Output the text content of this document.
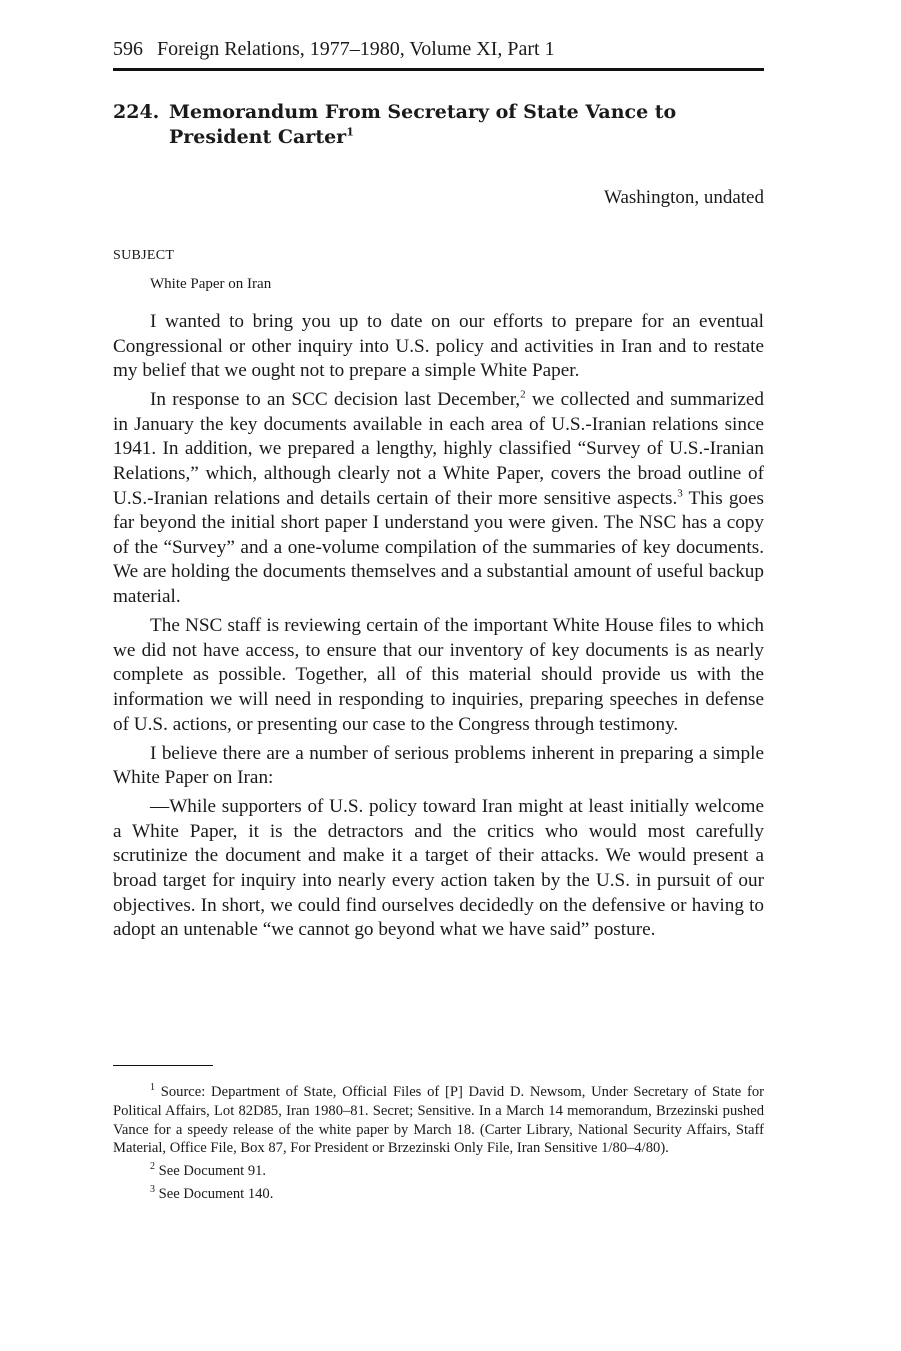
596 Foreign Relations, 1977–1980, Volume XI, Part 1
224. Memorandum From Secretary of State Vance to
President Carter$^1$
Washington, undated
SUBJECT
White Paper on Iran

I wanted to bring you up to date on our efforts to prepare for an eventual Congressional or other inquiry into U.S. policy and activities in Iran and to restate my belief that we ought not to prepare a simple White Paper.

In response to an SCC decision last December,$^2$ we collected and summarized in January the key documents available in each area of U.S.-Iranian relations since 1941. In addition, we prepared a lengthy, highly classified “Survey of U.S.-Iranian Relations,” which, although clearly not a White Paper, covers the broad outline of U.S.-Iranian relations and details certain of their more sensitive aspects.$^3$ This goes far beyond the initial short paper I understand you were given. The NSC has a copy of the “Survey” and a one-volume compilation of the summaries of key documents. We are holding the documents themselves and a substantial amount of useful backup material.

The NSC staff is reviewing certain of the important White House files to which we did not have access, to ensure that our inventory of key documents is as nearly complete as possible. Together, all of this material should provide us with the information we will need in responding to inquiries, preparing speeches in defense of U.S. actions, or presenting our case to the Congress through testimony.

I believe there are a number of serious problems inherent in preparing a simple White Paper on Iran:

—While supporters of U.S. policy toward Iran might at least initially welcome a White Paper, it is the detractors and the critics who would most carefully scrutinize the document and make it a target of their attacks. We would present a broad target for inquiry into nearly every action taken by the U.S. in pursuit of our objectives. In short, we could find ourselves decidedly on the defensive or having to adopt an untenable “we cannot go beyond what we have said” posture.

$^1$ Source: Department of State, Official Files of [P] David D. Newsom, Under Secretary of State for Political Affairs, Lot 82D85, Iran 1980–81. Secret; Sensitive. In a March 14 memorandum, Brzezinski pushed Vance for a speedy release of the white paper by March 18. (Carter Library, National Security Affairs, Staff Material, Office File, Box 87, For President or Brzezinski Only File, Iran Sensitive 1/80–4/80).

$^2$ See Document 91.

$^3$ See Document 140.
